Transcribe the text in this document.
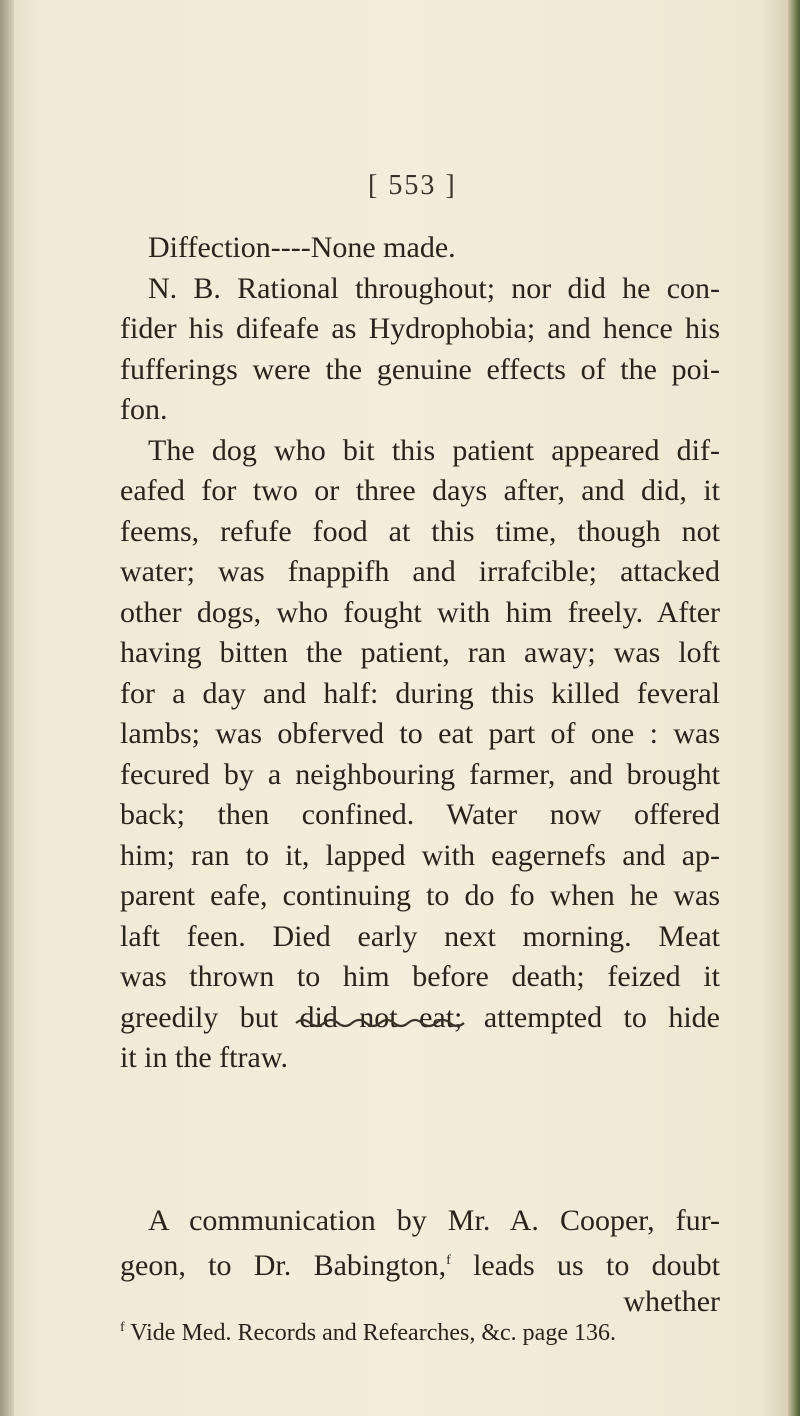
[ 553 ]
Diffection----None made.
N. B. Rational throughout; nor did he con-
fider his difeafe as Hydrophobia; and hence his
fufferings were the genuine effects of the poi-
fon.
The dog who bit this patient appeared dif-
eafed for two or three days after, and did, it
feems, refufe food at this time, though not
water; was fnappifh and irrafcible; attacked
other dogs, who fought with him freely. After
having bitten the patient, ran away; was loft
for a day and half: during this killed feveral
lambs; was obferved to eat part of one : was
fecured by a neighbouring farmer, and brought
back; then confined. Water now offered
him; ran to it, lapped with eagernefs and ap-
parent eafe, continuing to do fo when he was
laft feen. Died early next morning. Meat
was thrown to him before death; feized it
greedily but did not eat; attempted to hide
it in the ftraw.
A communication by Mr. A. Cooper, fur-
geon, to Dr. Babington,$^f$ leads us to doubt
whether
$^f$ Vide Med. Records and Refearches, &c. page 136.
